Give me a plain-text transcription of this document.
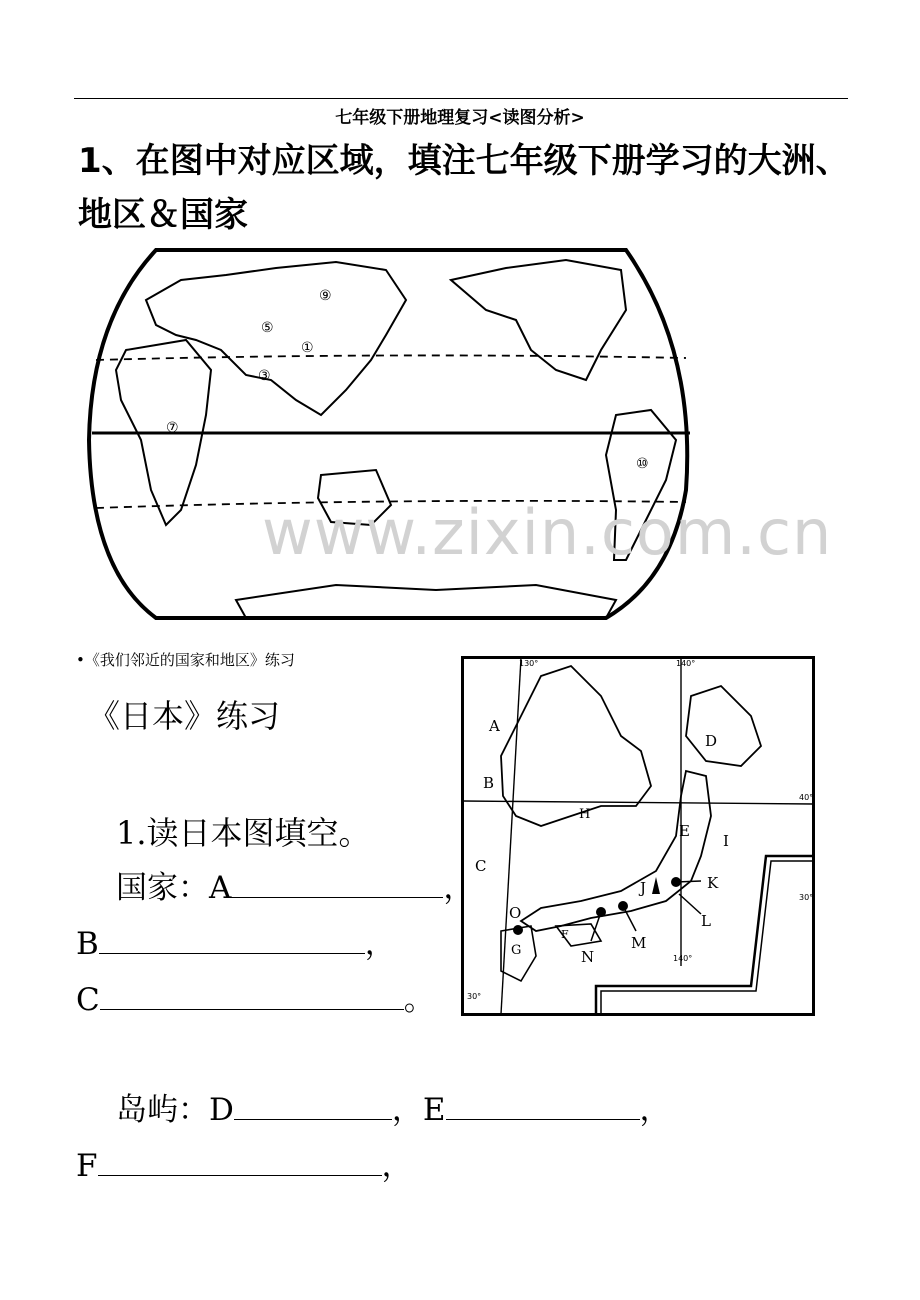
七年级下册地理复习<读图分析>
1、在图中对应区域，填注七年级下册学习的大洲、
地区＆国家
⑨
⑤
①
③
⑦
⑩
www.zixin.com.cn
•《我们邻近的国家和地区》练习
《日本》练习
1.读日本图填空。
国家：A	，
B	，
C	。
岛屿：D	，E	，
F	，
130°	140°
140°
40°
30°
30°
A
B
C
D
E
H
I
J	K
L
M
N
O
G
F
